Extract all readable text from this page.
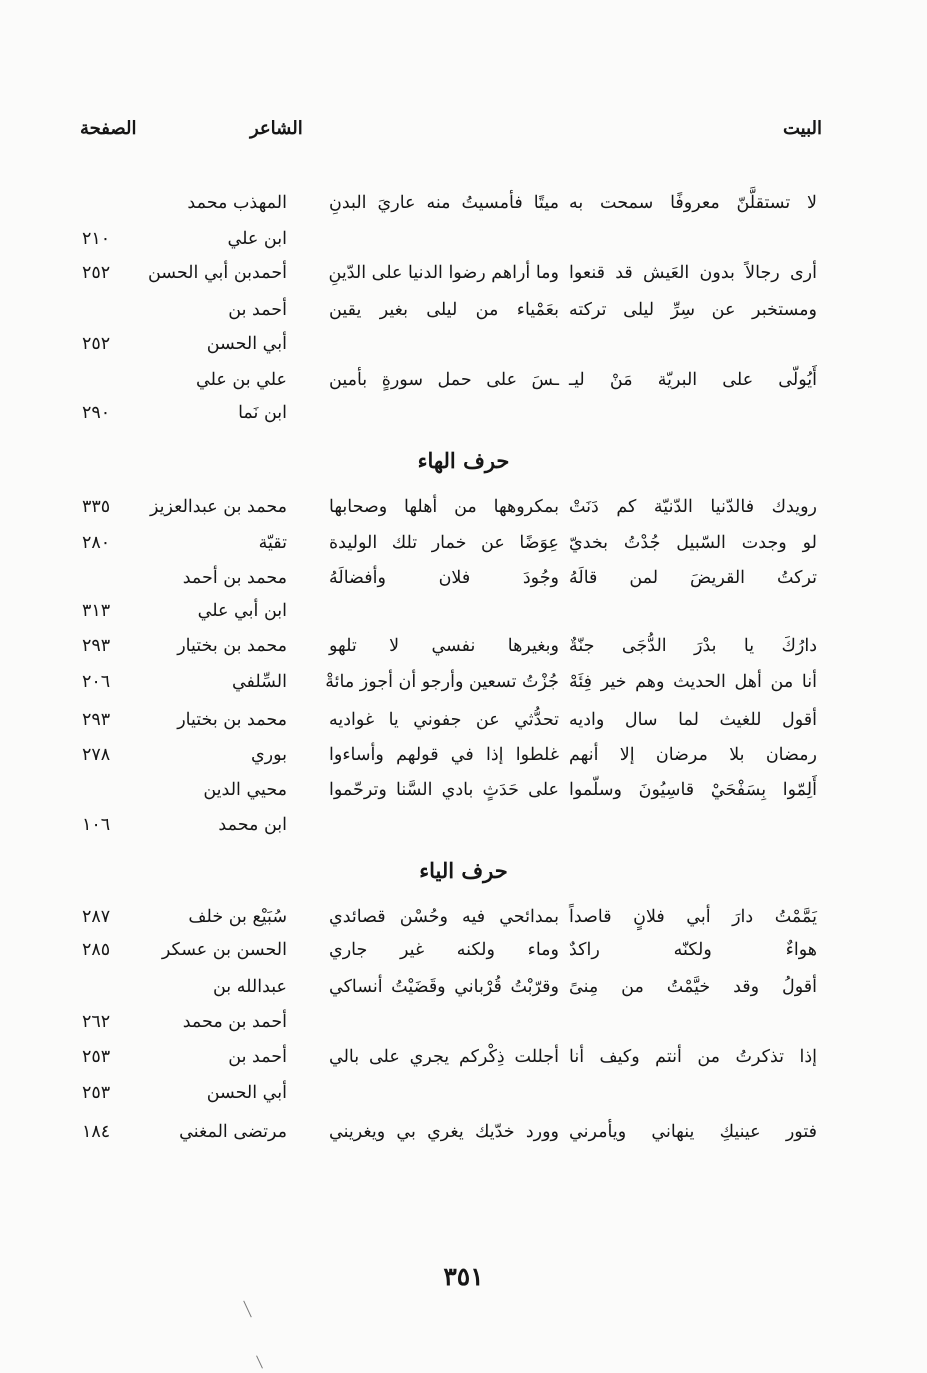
البيت
الشاعر
الصفحة
حرف الهاء
حرف الياء
لا تستقلَّنّ معروفًا سمحت به
ميتًا فأمسيتُ منه عاريَ البدنِ
المهذب محمد
ابن علي
٢١٠
أرى رجالاً بدون العَيش قد قنعوا
وما أراهم رضوا الدنيا على الدّينِ
أحمدبن أبي الحسن
٢٥٢
ومستخبر عن سِرِّ ليلى تركته
بعَمْياء من ليلى بغير يقين
أحمد بن
أبي الحسن
٢٥٢
أَيُولّى على البريّة مَنْ ليـ
ـسَ على حمل سورةٍ بأمين
علي بن علي
ابن نَما
٢٩٠
رويدك فالدّنيا الدّنيّة كم دَنَتْ
بمكروهها من أهلها وصحابها
محمد بن عبدالعزيز
٣٣٥
لو وجدت السّبيل جُدْتُ بخديّ
عِوَضًا عن خمار تلك الوليدة
تقيّة
٢٨٠
تركتُ القريضَ لمن قالَهُ
وجُودَ فلان وأفضالَهُ
محمد بن أحمد
ابن أبي علي
٣١٣
دارُكَ يا بدْرَ الدُّجَى جنّةٌ
وبغيرها نفسي لا تلهو
محمد بن بختيار
٢٩٣
أنا من أهل الحديث وهم خير فِئَهْ
جُزْتُ تسعين وأرجو أن أجوز مائةْ
السِّلفي
٢٠٦
أقول للغيث لما سال واديه
تحدُّثي عن جفوني يا غواديه
محمد بن بختيار
٢٩٣
رمضان بلا مرضان إلا أنهم
غلطوا إذا في قولهم وأساءوا
بوري
٢٧٨
أَلِمّوا بِسَفْحَيْ قاسِيُونَ وسلّموا
على حَدَثٍ بادي السَّنا وترحّموا
محيي الدين
ابن محمد
١٠٦
يَمَّمْتُ دارَ أبي فلانٍ قاصداً
بمدائحي فيه وحُسْن قصائدي
سُبَيْع بن خلف
٢٨٧
هواءٌ ولكنّه راكدٌ
وماء ولكنه غير جاري
الحسن بن عسكر
٢٨٥
أقولُ وقد خيَّمْتُ من مِنىً
وقرّبْتُ قُرْباني وقَضَيْتُ أنساكي
عبدالله بن
أحمد بن محمد
٢٦٢
إذا تذكرتُ من أنتم وكيف أنا
أجللت ذِكْركم يجري على بالي
أحمد بن
٢٥٣
أبي الحسن
٢٥٣
فتور عينيكِ ينهاني ويأمرني
وورد خدّيك يغري بي ويغريني
مرتضى المغني
١٨٤
٣٥١
